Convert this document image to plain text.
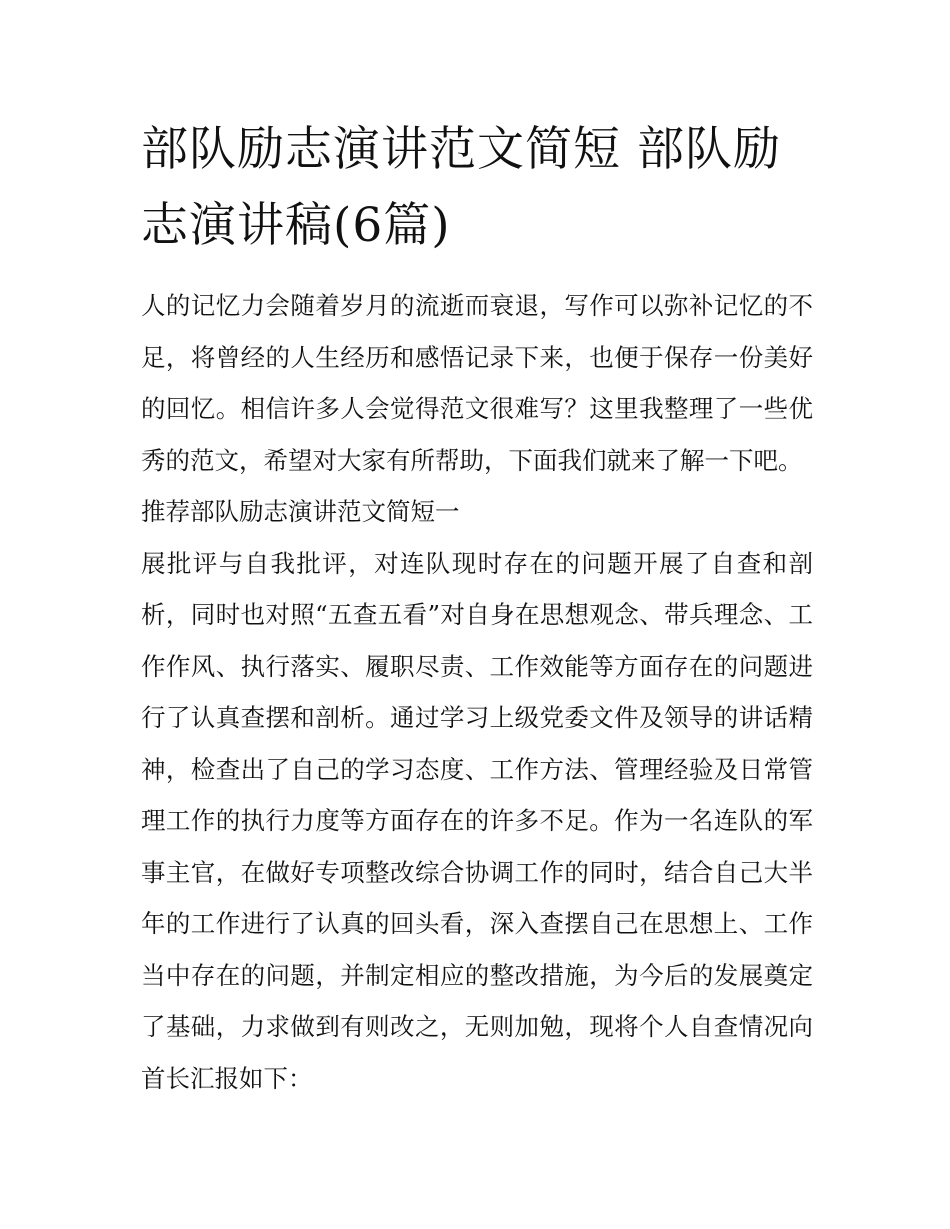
部队励志演讲范文简短 部队励志演讲稿(6篇)

人的记忆力会随着岁月的流逝而衰退，写作可以弥补记忆的不足，将曾经的人生经历和感悟记录下来，也便于保存一份美好的回忆。相信许多人会觉得范文很难写？这里我整理了一些优秀的范文，希望对大家有所帮助，下面我们就来了解一下吧。

推荐部队励志演讲范文简短一

展批评与自我批评，对连队现时存在的问题开展了自查和剖析，同时也对照“五查五看”对自身在思想观念、带兵理念、工作作风、执行落实、履职尽责、工作效能等方面存在的问题进行了认真查摆和剖析。通过学习上级党委文件及领导的讲话精神，检查出了自己的学习态度、工作方法、管理经验及日常管理工作的执行力度等方面存在的许多不足。作为一名连队的军事主官，在做好专项整改综合协调工作的同时，结合自己大半年的工作进行了认真的回头看，深入查摆自己在思想上、工作当中存在的问题，并制定相应的整改措施，为今后的发展奠定了基础，力求做到有则改之，无则加勉，现将个人自查情况向首长汇报如下：
